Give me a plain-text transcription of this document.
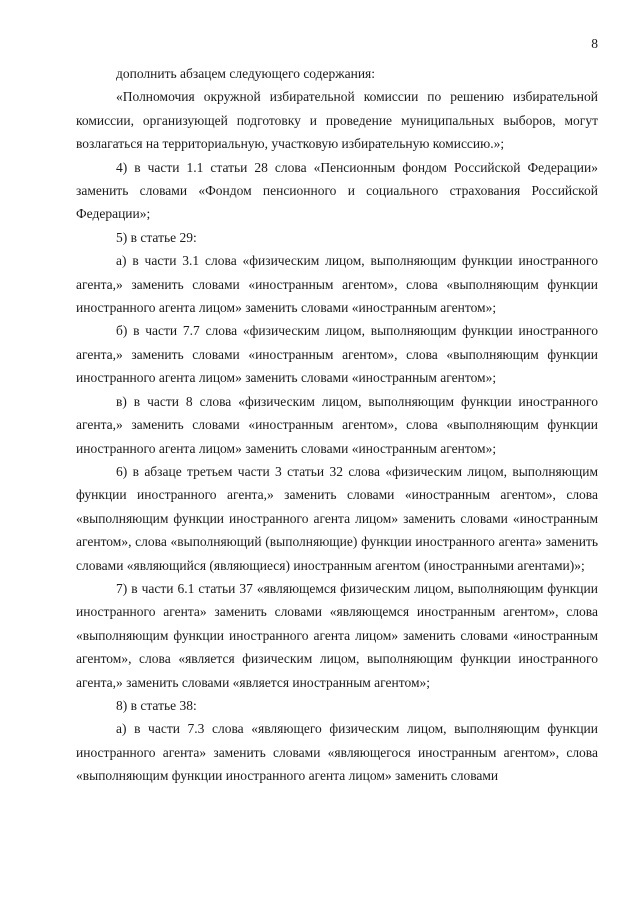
8

дополнить абзацем следующего содержания:

«Полномочия окружной избирательной комиссии по решению избирательной комиссии, организующей подготовку и проведение муниципальных выборов, могут возлагаться на территориальную, участковую избирательную комиссию.»;

4) в части 1.1 статьи 28 слова «Пенсионным фондом Российской Федерации» заменить словами «Фондом пенсионного и социального страхования Российской Федерации»;

5) в статье 29:

а) в части 3.1 слова «физическим лицом, выполняющим функции иностранного агента,» заменить словами «иностранным агентом», слова «выполняющим функции иностранного агента лицом» заменить словами «иностранным агентом»;

б) в части 7.7 слова «физическим лицом, выполняющим функции иностранного агента,» заменить словами «иностранным агентом», слова «выполняющим функции иностранного агента лицом» заменить словами «иностранным агентом»;

в) в части 8 слова «физическим лицом, выполняющим функции иностранного агента,» заменить словами «иностранным агентом», слова «выполняющим функции иностранного агента лицом» заменить словами «иностранным агентом»;

6) в абзаце третьем части 3 статьи 32 слова «физическим лицом, выполняющим функции иностранного агента,» заменить словами «иностранным агентом», слова «выполняющим функции иностранного агента лицом» заменить словами «иностранным агентом», слова «выполняющий (выполняющие) функции иностранного агента» заменить словами «являющийся (являющиеся) иностранным агентом (иностранными агентами)»;

7) в части 6.1 статьи 37 «являющемся физическим лицом, выполняющим функции иностранного агента» заменить словами «являющемся иностранным агентом», слова «выполняющим функции иностранного агента лицом» заменить словами «иностранным агентом», слова «является физическим лицом, выполняющим функции иностранного агента,» заменить словами «является иностранным агентом»;

8) в статье 38:

а) в части 7.3 слова «являющего физическим лицом, выполняющим функции иностранного агента» заменить словами «являющегося иностранным агентом», слова «выполняющим функции иностранного агента лицом» заменить словами
